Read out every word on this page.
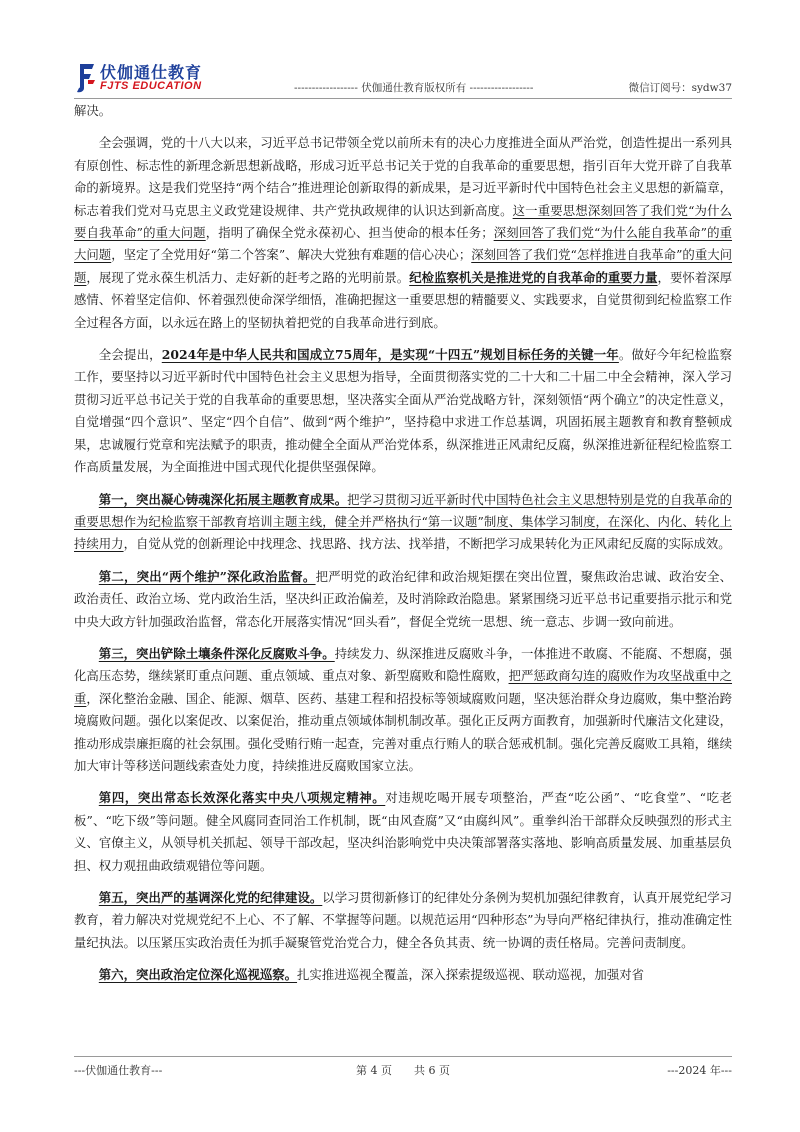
伏伽通仕教育
FJTS EDUCATION	------------------ 伏伽通仕教育版权所有 ------------------	微信订阅号：sydw37

解决。

全会强调，党的十八大以来，习近平总书记带领全党以前所未有的决心力度推进全面从严治党，创造性提出一系列具有原创性、标志性的新理念新思想新战略，形成习近平总书记关于党的自我革命的重要思想，指引百年大党开辟了自我革命的新境界。这是我们党坚持“两个结合”推进理论创新取得的新成果，是习近平新时代中国特色社会主义思想的新篇章，标志着我们党对马克思主义政党建设规律、共产党执政规律的认识达到新高度。这一重要思想深刻回答了我们党“为什么要自我革命”的重大问题，指明了确保全党永葆初心、担当使命的根本任务；深刻回答了我们党“为什么能自我革命”的重大问题，坚定了全党用好“第二个答案”、解决大党独有难题的信心决心；深刻回答了我们党“怎样推进自我革命”的重大问题，展现了党永葆生机活力、走好新的赶考之路的光明前景。纪检监察机关是推进党的自我革命的重要力量，要怀着深厚感情、怀着坚定信仰、怀着强烈使命深学细悟，准确把握这一重要思想的精髓要义、实践要求，自觉贯彻到纪检监察工作全过程各方面，以永远在路上的坚韧执着把党的自我革命进行到底。

全会提出，2024年是中华人民共和国成立75周年，是实现“十四五”规划目标任务的关键一年。做好今年纪检监察工作，要坚持以习近平新时代中国特色社会主义思想为指导，全面贯彻落实党的二十大和二十届二中全会精神，深入学习贯彻习近平总书记关于党的自我革命的重要思想，坚决落实全面从严治党战略方针，深刻领悟“两个确立”的决定性意义，自觉增强“四个意识”、坚定“四个自信”、做到“两个维护”，坚持稳中求进工作总基调，巩固拓展主题教育和教育整顿成果，忠诚履行党章和宪法赋予的职责，推动健全全面从严治党体系，纵深推进正风肃纪反腐，纵深推进新征程纪检监察工作高质量发展，为全面推进中国式现代化提供坚强保障。

第一，突出凝心铸魂深化拓展主题教育成果。把学习贯彻习近平新时代中国特色社会主义思想特别是党的自我革命的重要思想作为纪检监察干部教育培训主题主线，健全并严格执行“第一议题”制度、集体学习制度，在深化、内化、转化上持续用力，自觉从党的创新理论中找理念、找思路、找方法、找举措，不断把学习成果转化为正风肃纪反腐的实际成效。

第二，突出“两个维护”深化政治监督。把严明党的政治纪律和政治规矩摆在突出位置，聚焦政治忠诚、政治安全、政治责任、政治立场、党内政治生活，坚决纠正政治偏差，及时消除政治隐患。紧紧围绕习近平总书记重要指示批示和党中央大政方针加强政治监督，常态化开展落实情况“回头看”，督促全党统一思想、统一意志、步调一致向前进。

第三，突出铲除土壤条件深化反腐败斗争。持续发力、纵深推进反腐败斗争，一体推进不敢腐、不能腐、不想腐，强化高压态势，继续紧盯重点问题、重点领域、重点对象、新型腐败和隐性腐败，把严惩政商勾连的腐败作为攻坚战重中之重，深化整治金融、国企、能源、烟草、医药、基建工程和招投标等领域腐败问题，坚决惩治群众身边腐败，集中整治跨境腐败问题。强化以案促改、以案促治，推动重点领域体制机制改革。强化正反两方面教育，加强新时代廉洁文化建设，推动形成崇廉拒腐的社会氛围。强化受贿行贿一起查，完善对重点行贿人的联合惩戒机制。强化完善反腐败工具箱，继续加大审计等移送问题线索查处力度，持续推进反腐败国家立法。

第四，突出常态长效深化落实中央八项规定精神。对违规吃喝开展专项整治，严查“吃公函”、“吃食堂”、“吃老板”、“吃下级”等问题。健全风腐同查同治工作机制，既“由风查腐”又“由腐纠风”。重拳纠治干部群众反映强烈的形式主义、官僚主义，从领导机关抓起、领导干部改起，坚决纠治影响党中央决策部署落实落地、影响高质量发展、加重基层负担、权力观扭曲政绩观错位等问题。

第五，突出严的基调深化党的纪律建设。以学习贯彻新修订的纪律处分条例为契机加强纪律教育，认真开展党纪学习教育，着力解决对党规党纪不上心、不了解、不掌握等问题。以规范运用“四种形态”为导向严格纪律执行，推动准确定性量纪执法。以压紧压实政治责任为抓手凝聚管党治党合力，健全各负其责、统一协调的责任格局。完善问责制度。

第六，突出政治定位深化巡视巡察。扎实推进巡视全覆盖，深入探索提级巡视、联动巡视，加强对省

---伏伽通仕教育---	第 4 页　　共 6 页	---2024 年---
